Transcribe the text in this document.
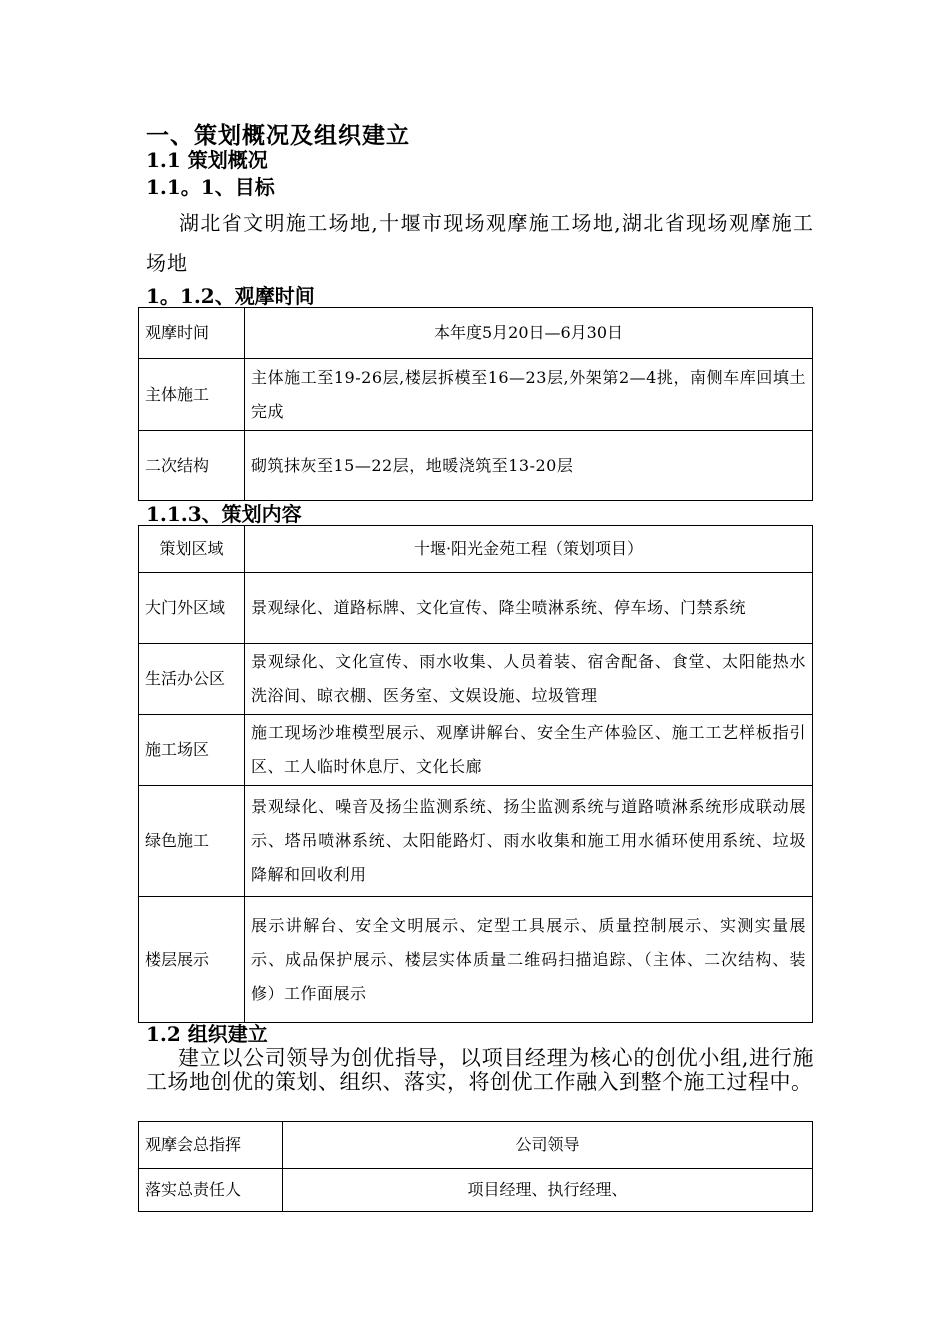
一、策划概况及组织建立
1.1 策划概况
1.1。1、目标
湖北省文明施工场地,十堰市现场观摩施工场地,湖北省现场观摩施工场地
1。1.2、观摩时间
观摩时间	本年度5月20日—6月30日
主体施工	主体施工至19-26层,楼层拆模至16—23层,外架第2—4挑，南侧车库回填土完成
二次结构	砌筑抹灰至15—22层，地暖浇筑至13-20层
1.1.3、策划内容
策划区域	十堰·阳光金苑工程（策划项目）
大门外区域	景观绿化、道路标牌、文化宣传、降尘喷淋系统、停车场、门禁系统
生活办公区	景观绿化、文化宣传、雨水收集、人员着装、宿舍配备、食堂、太阳能热水洗浴间、晾衣棚、医务室、文娱设施、垃圾管理
施工场区	施工现场沙堆模型展示、观摩讲解台、安全生产体验区、施工工艺样板指引区、工人临时休息厅、文化长廊
绿色施工	景观绿化、噪音及扬尘监测系统、扬尘监测系统与道路喷淋系统形成联动展示、塔吊喷淋系统、太阳能路灯、雨水收集和施工用水循环使用系统、垃圾降解和回收利用
楼层展示	展示讲解台、安全文明展示、定型工具展示、质量控制展示、实测实量展示、成品保护展示、楼层实体质量二维码扫描追踪、（主体、二次结构、装修）工作面展示
1.2 组织建立
建立以公司领导为创优指导，以项目经理为核心的创优小组,进行施工场地创优的策划、组织、落实，将创优工作融入到整个施工过程中。
观摩会总指挥	公司领导
落实总责任人	项目经理、执行经理、
